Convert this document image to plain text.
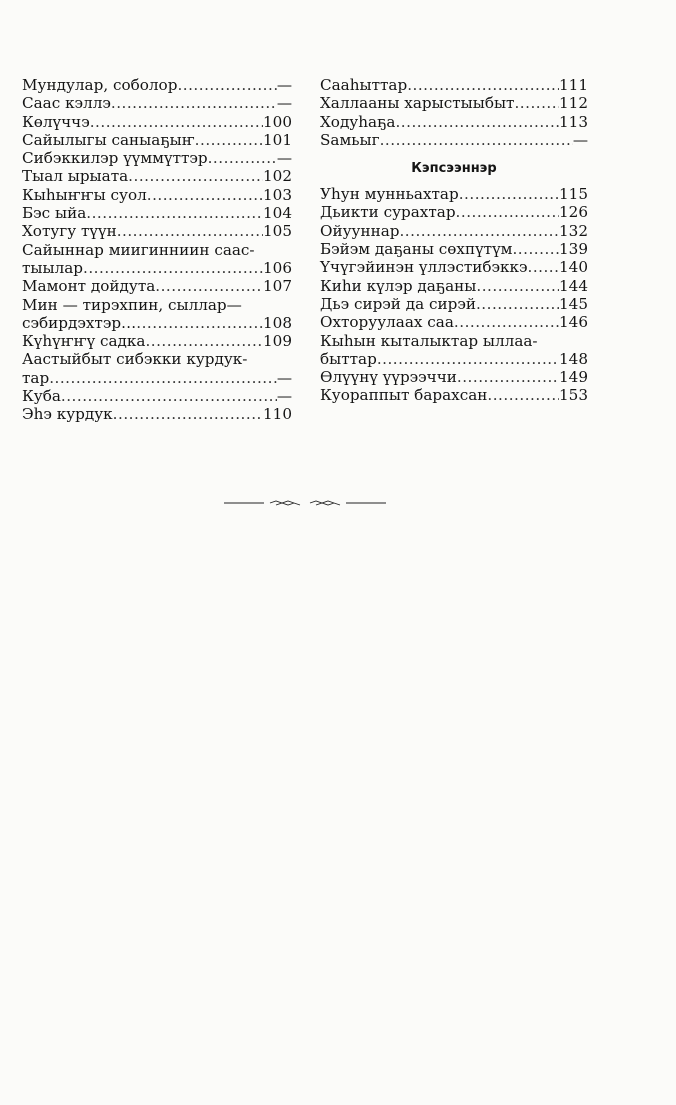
Мундулар, соболор .....	—
Саас кэллэ .....	—
Көлүччэ .....	100
Сайылыгы саныаҕыҥ .....	101
Сибэккилэр үүммүттэр .....	—
Тыал ырыата .....	102
Кыһыҥҥы суол .....	103
Бэс ыйа .....	104
Хотугу түүн .....	105
Сайыннар миигинниин саас-
тыылар .....	106
Мамонт дойдута .....	107
Мин — тирэхпин, сыллар—
сэбирдэхтэр… .....	108
Күһүҥҥү садка .....	109
Аастыйбыт сибэкки курдук-
тар .....	—
Куба .....	—
Эһэ курдук .....	110
Сааһыттар .....	111
Халлааны харыстыыбыт .....	112
Ходуһаҕа .....	113
Sамьыг .....	—
Кэпсээннэр
Уһун мунньахтар .....	115
Дьикти сурахтар .....	126
Ойууннар .....	132
Бэйэм даҕаны сөхпүтүм .....	139
Үчүгэйинэн үллэстибэккэ ..... 140
Киһи күлэр даҕаны .....	144
Дьэ сирэй да сирэй .....	145
Охторуулаах саа .....	146
Кыһын кыталыктар ыллаа-
быттар .....	148
Өлүүнү үүрээччи .....	149
Куораппыт барахсан .....	153
